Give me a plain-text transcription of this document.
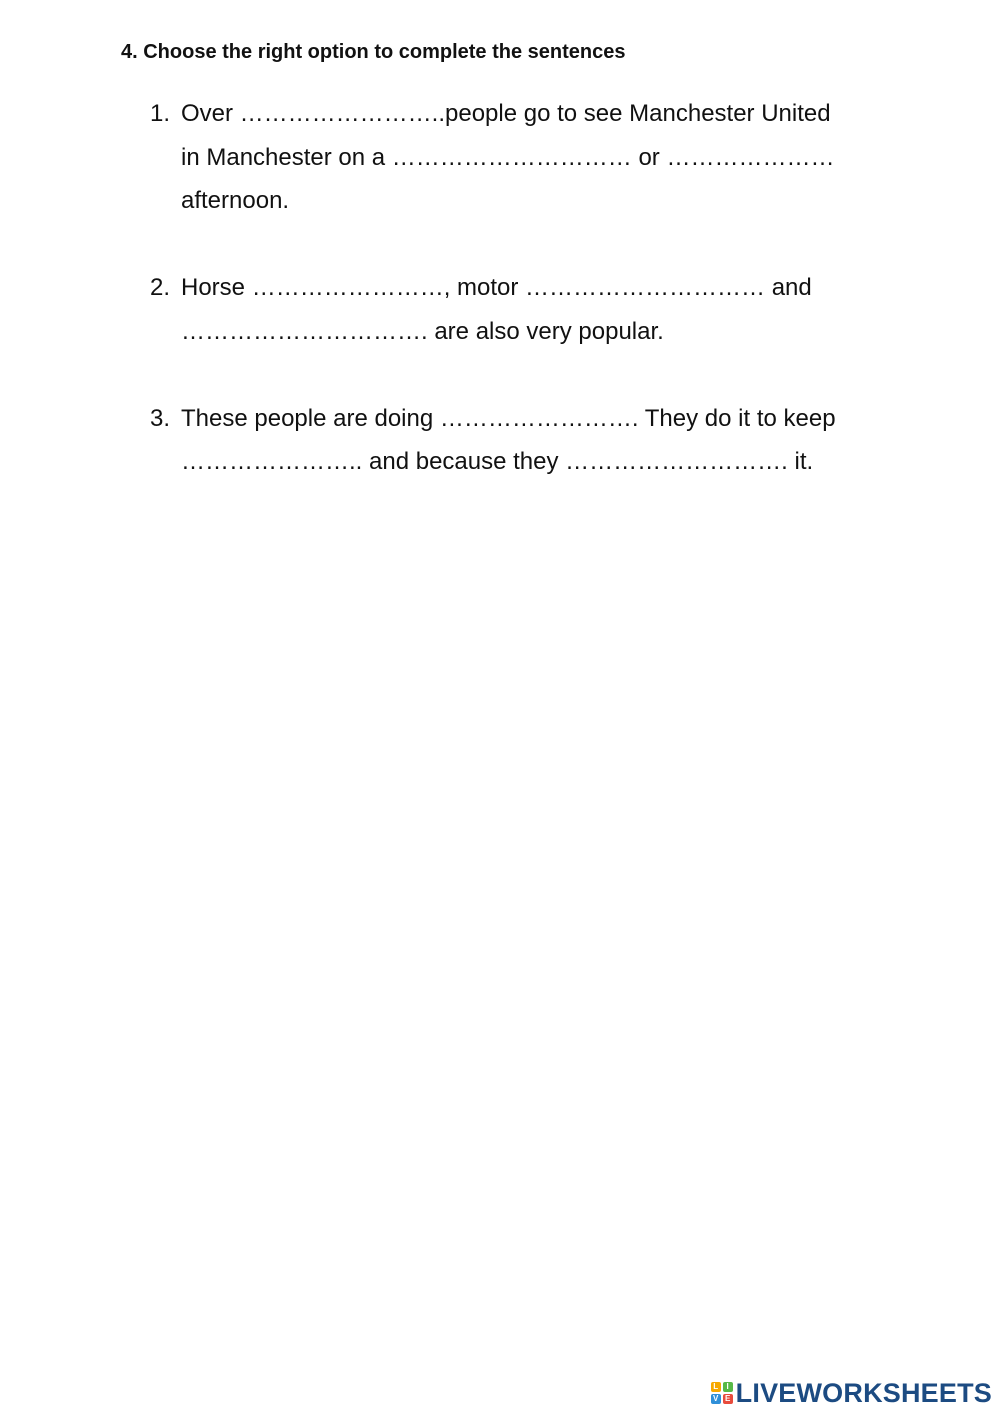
4. Choose the right option to complete the sentences
1. Over ……………………..people go to see Manchester United
in Manchester on a ………………………… or …………………
afternoon.
2. Horse ……………………, motor ………………………… and
…………………………. are also very popular.
3. These people are doing ……………………. They do it to keep
………………….. and because they ………………………. it.
L	I
V E LIVEWORKSHEETS
